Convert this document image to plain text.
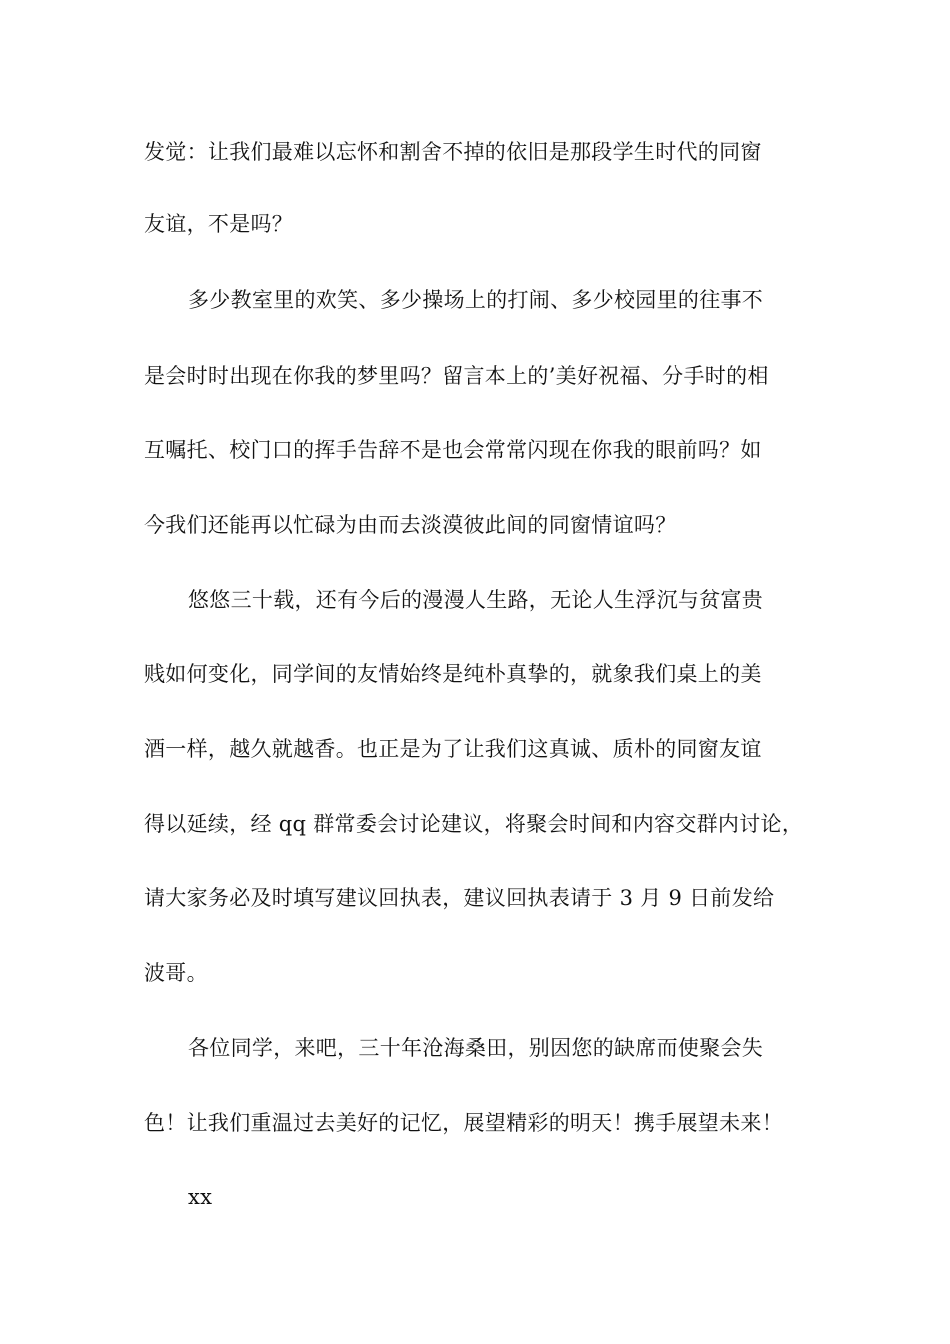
发觉：让我们最难以忘怀和割舍不掉的依旧是那段学生时代的同窗
友谊，不是吗？
多少教室里的欢笑、多少操场上的打闹、多少校园里的往事不
是会时时出现在你我的梦里吗？留言本上的’美好祝福、分手时的相
互嘱托、校门口的挥手告辞不是也会常常闪现在你我的眼前吗？如
今我们还能再以忙碌为由而去淡漠彼此间的同窗情谊吗？
悠悠三十载，还有今后的漫漫人生路，无论人生浮沉与贫富贵
贱如何变化，同学间的友情始终是纯朴真挚的，就象我们桌上的美
酒一样，越久就越香。也正是为了让我们这真诚、质朴的同窗友谊
得以延续，经 qq 群常委会讨论建议，将聚会时间和内容交群内讨论，
请大家务必及时填写建议回执表，建议回执表请于 3 月 9 日前发给
波哥。
各位同学，来吧，三十年沧海桑田，别因您的缺席而使聚会失
色！让我们重温过去美好的记忆，展望精彩的明天！携手展望未来！
xx
